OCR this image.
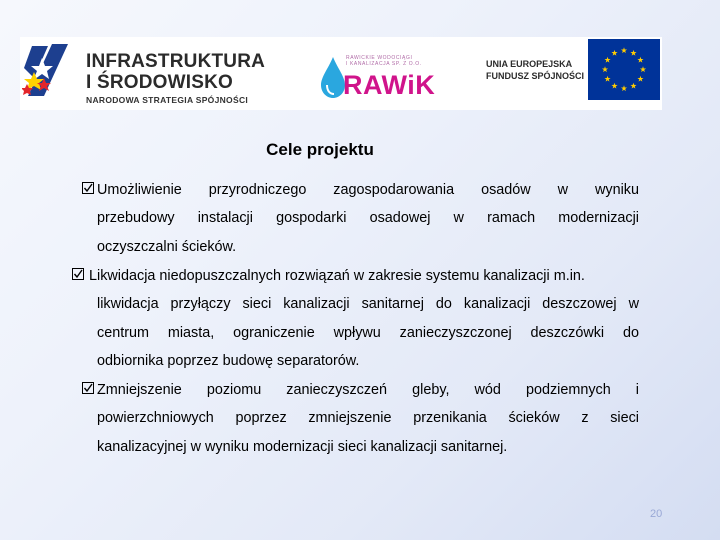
INFRASTRUKTURA
I ŚRODOWISKO
NARODOWA STRATEGIA SPÓJNOŚCI
RAWICKIE WODOCIĄGI
I KANALIZACJA SP. Z O.O.
RAWiK
UNIA EUROPEJSKA
FUNDUSZ SPÓJNOŚCI
Cele projektu
Umożliwienie przyrodniczego zagospodarowania osadów w wyniku
przebudowy instalacji gospodarki osadowej w ramach modernizacji
oczyszczalni ścieków.
Likwidacja niedopuszczalnych rozwiązań w zakresie systemu kanalizacji m.in.
likwidacja przyłączy sieci kanalizacji sanitarnej do kanalizacji deszczowej w
centrum miasta, ograniczenie wpływu zanieczyszczonej deszczówki do
odbiornika poprzez budowę separatorów.
Zmniejszenie poziomu zanieczyszczeń gleby, wód podziemnych i
powierzchniowych poprzez zmniejszenie przenikania ścieków z sieci
kanalizacyjnej w wyniku modernizacji sieci kanalizacji sanitarnej.
20
